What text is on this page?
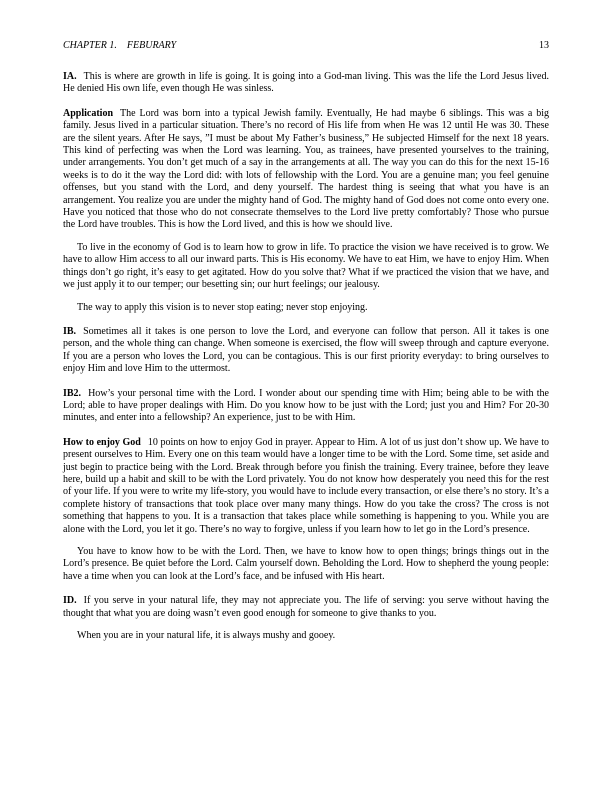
CHAPTER 1. FEBURARY	13

IA. This is where are growth in life is going. It is going into a God-man living. This was the life the Lord Jesus lived. He denied His own life, even though He was sinless.

Application The Lord was born into a typical Jewish family. Eventually, He had maybe 6 siblings. This was a big family. Jesus lived in a particular situation. There’s no record of His life from when He was 12 until He was 30. These are the silent years. After He says, ”I must be about My Father’s business,” He subjected Himself for the next 18 years. This kind of perfecting was when the Lord was learning. You, as trainees, have presented yourselves to the training, under arrangements. You don’t get much of a say in the arrangements at all. The way you can do this for the next 15-16 weeks is to do it the way the Lord did: with lots of fellowship with the Lord. You are a genuine man; you feel genuine offenses, but you stand with the Lord, and deny yourself. The hardest thing is seeing that what you have is an arrangement. You realize you are under the mighty hand of God. The mighty hand of God does not come onto every one. Have you noticed that those who do not consecrate themselves to the Lord live pretty comfortably? Those who pursue the Lord have troubles. This is how the Lord lived, and this is how we should live.

To live in the economy of God is to learn how to grow in life. To practice the vision we have received is to grow. We have to allow Him access to all our inward parts. This is His economy. We have to eat Him, we have to enjoy Him. When things don’t go right, it’s easy to get agitated. How do you solve that? What if we practiced the vision that we have, and we just apply it to our temper; our besetting sin; our hurt feelings; our jealousy.

The way to apply this vision is to never stop eating; never stop enjoying.

IB. Sometimes all it takes is one person to love the Lord, and everyone can follow that person. All it takes is one person, and the whole thing can change. When someone is exercised, the flow will sweep through and capture everyone. If you are a person who loves the Lord, you can be contagious. This is our first priority everyday: to bring ourselves to enjoy Him and love Him to the uttermost.

IB2. How’s your personal time with the Lord. I wonder about our spending time with Him; being able to be with the Lord; able to have proper dealings with Him. Do you know how to be just with the Lord; just you and Him? For 20-30 minutes, and enter into a fellowship? An experience, just to be with Him.

How to enjoy God 10 points on how to enjoy God in prayer. Appear to Him. A lot of us just don’t show up. We have to present ourselves to Him. Every one on this team would have a longer time to be with the Lord. Some time, set aside and just begin to practice being with the Lord. Break through before you finish the training. Every trainee, before they leave here, build up a habit and skill to be with the Lord privately. You do not know how desperately you need this for the rest of your life. If you were to write my life-story, you would have to include every transaction, or else there’s no story. It’s a complete history of transactions that took place over many many things. How do you take the cross? The cross is not something that happens to you. It is a transaction that takes place while something is happening to you. While you are alone with the Lord, you let it go. There’s no way to forgive, unless if you learn how to let go in the Lord’s presence.

You have to know how to be with the Lord. Then, we have to know how to open things; brings things out in the Lord’s presence. Be quiet before the Lord. Calm yourself down. Beholding the Lord. How to shepherd the young people: have a time when you can look at the Lord’s face, and be infused with His heart.

ID. If you serve in your natural life, they may not appreciate you. The life of serving: you serve without having the thought that what you are doing wasn’t even good enough for someone to give thanks to you.

When you are in your natural life, it is always mushy and gooey.
